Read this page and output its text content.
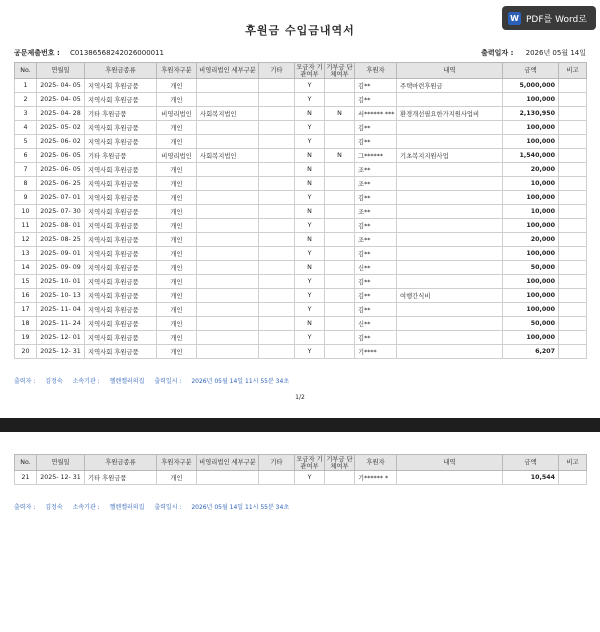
W PDF를 Word로
후원금 수입금내역서
공문제출번호 : C01386568242026000011	출력일자 : 2026년 05월 14일
No.	연월일	후원금종류	후원자구분	비영리법인 세부구분	기타	모금자 기관여부	기부금 단체여부	후원자	내역	금액	비고
1	2025- 04- 05	지역사회 후원금품	개인			Y		김**	주택마련후원금	5,000,000	
2	2025- 04- 05	지역사회 후원금품	개인			Y		김**		100,000	
3	2025- 04- 28	기타 후원금품	비영리법인	사회복지법인		N	N	서****** ***	환경개선필요한가지원사업비	2,130,950	
4	2025- 05- 02	지역사회 후원금품	개인			Y		김**		100,000	
5	2025- 06- 02	지역사회 후원금품	개인			Y		김**		100,000	
6	2025- 06- 05	기타 후원금품	비영리법인	사회복지법인		N	N	그******	기초복지지원사업	1,540,000	
7	2025- 06- 05	지역사회 후원금품	개인			N		조**		20,000	
8	2025- 06- 25	지역사회 후원금품	개인			N		조**		10,000	
9	2025- 07- 01	지역사회 후원금품	개인			Y		김**		100,000	
10	2025- 07- 30	지역사회 후원금품	개인			N		조**		10,000	
11	2025- 08- 01	지역사회 후원금품	개인			Y		김**		100,000	
12	2025- 08- 25	지역사회 후원금품	개인			N		조**		20,000	
13	2025- 09- 01	지역사회 후원금품	개인			Y		김**		100,000	
14	2025- 09- 09	지역사회 후원금품	개인			N		신**		50,000	
15	2025- 10- 01	지역사회 후원금품	개인			Y		김**		100,000	
16	2025- 10- 13	지역사회 후원금품	개인			Y		김**	여행간식비	100,000	
17	2025- 11- 04	지역사회 후원금품	개인			Y		김**		100,000	
18	2025- 11- 24	지역사회 후원금품	개인			N		신**		50,000	
19	2025- 12- 01	지역사회 후원금품	개인			Y		김**		100,000	
20	2025- 12- 31	지역사회 후원금품	개인			Y		기****		6,207	
출력자 : 김정숙 소속기관 : 헬렌켈러의집 출력일시 : 2026년 05월 14일 11시 55분 34초
1/2
No.	연월일	후원금종류	후원자구분	비영리법인 세부구분	기타	모금자 기관여부	기부금 단체여부	후원자	내역	금액	비고
21	2025- 12- 31	기타 후원금품	개인			Y		기****** *		10,544	
출력자 : 김정숙 소속기관 : 헬렌켈러의집 출력일시 : 2026년 05월 14일 11시 55분 34초
